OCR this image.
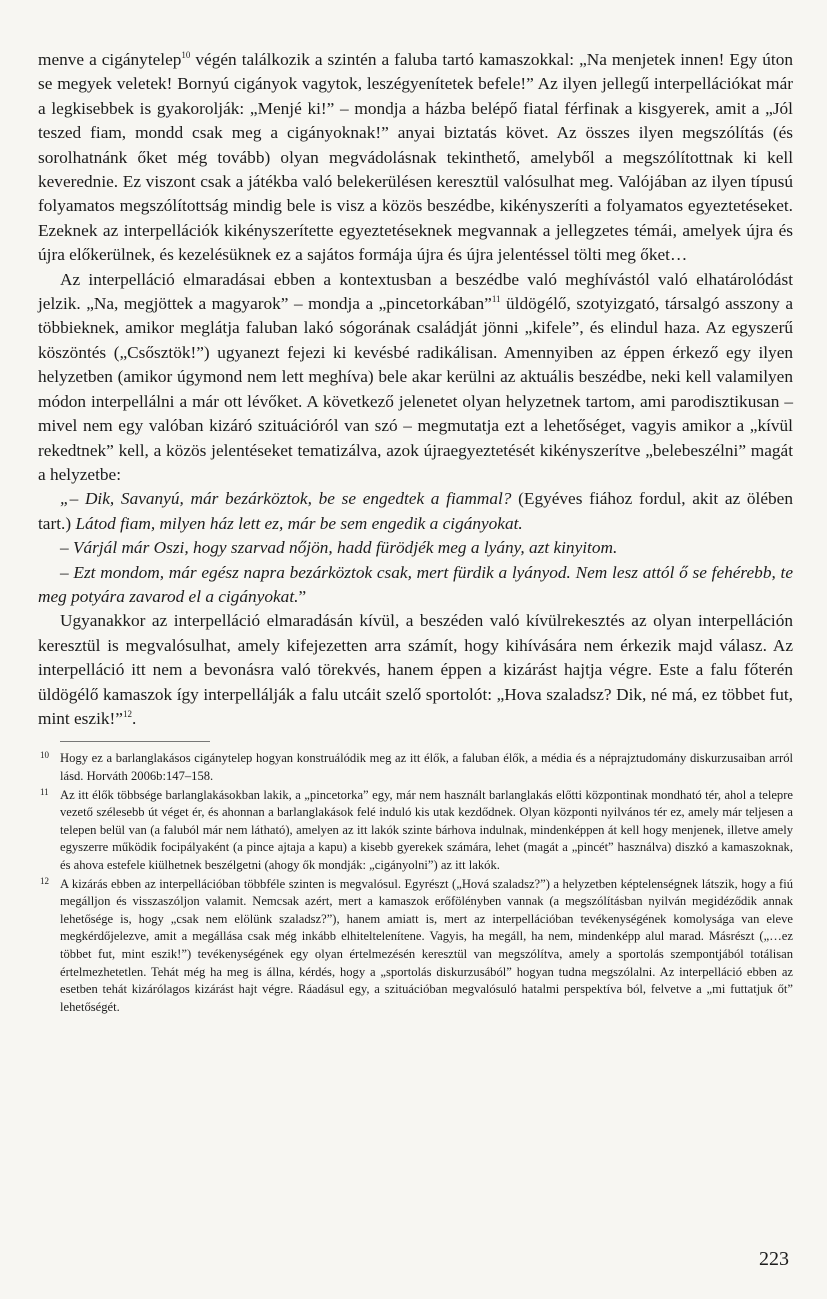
menve a cigánytelep$^{10}$ végén találkozik a szintén a faluba tartó kamaszokkal: „Na menjetek innen! Egy úton se megyek veletek! Bornyú cigányok vagytok, leszégyenítetek befele!” Az ilyen jellegű interpellációkat már a legkisebbek is gyakorolják: „Menjé ki!” – mondja a házba belépő fiatal férfinak a kisgyerek, amit a „Jól teszed fiam, mondd csak meg a cigányoknak!” anyai biztatás követ. Az összes ilyen megszólítás (és sorolhatnánk őket még tovább) olyan megvádolásnak tekinthető, amelyből a megszólítottnak ki kell keverednie. Ez viszont csak a játékba való belekerülésen keresztül valósulhat meg. Valójában az ilyen típusú folyamatos megszólítottság mindig bele is visz a közös beszédbe, kikényszeríti a folyamatos egyeztetéseket. Ezeknek az interpellációk kikényszerítette egyeztetéseknek megvannak a jellegzetes témái, amelyek újra és újra előkerülnek, és kezelésüknek ez a sajátos formája újra és újra jelentéssel tölti meg őket…

Az interpelláció elmaradásai ebben a kontextusban a beszédbe való meghívástól való elhatárolódást jelzik. „Na, megjöttek a magyarok” – mondja a „pincetorkában”$^{11}$ üldögélő, szotyizgató, társalgó asszony a többieknek, amikor meglátja faluban lakó sógorának családját jönni „kifele”, és elindul haza. Az egyszerű köszöntés („Csősztök!”) ugyanezt fejezi ki kevésbé radikálisan. Amennyiben az éppen érkező egy ilyen helyzetben (amikor úgymond nem lett meghíva) bele akar kerülni az aktuális beszédbe, neki kell valamilyen módon interpellálni a már ott lévőket. A következő jelenetet olyan helyzetnek tartom, ami parodisztikusan – mivel nem egy valóban kizáró szituációról van szó – megmutatja ezt a lehetőséget, vagyis amikor a „kívül rekedtnek” kell, a közös jelentéseket tematizálva, azok újraegyeztetését kikényszerítve „belebeszélni” magát a helyzetbe:

„– Dik, Savanyú, már bezárköztok, be se engedtek a fiammal? (Egyéves fiához fordul, akit az ölében tart.) Látod fiam, milyen ház lett ez, már be sem engedik a cigányokat.

– Várjál már Oszi, hogy szarvad nőjön, hadd fürödjék meg a lyány, azt kinyitom.

– Ezt mondom, már egész napra bezárköztok csak, mert fürdik a lyányod. Nem lesz attól ő se fehérebb, te meg potyára zavarod el a cigányokat.”

Ugyanakkor az interpelláció elmaradásán kívül, a beszéden való kívülrekesztés az olyan interpelláción keresztül is megvalósulhat, amely kifejezetten arra számít, hogy kihívására nem érkezik majd válasz. Az interpelláció itt nem a bevonásra való törekvés, hanem éppen a kizárást hajtja végre. Este a falu főterén üldögélő kamaszok így interpellálják a falu utcáit szelő sportolót: „Hova szaladsz? Dik, né má, ez többet fut, mint eszik!”$^{12}$.

10 Hogy ez a barlanglakásos cigánytelep hogyan konstruálódik meg az itt élők, a faluban élők, a média és a néprajztudomány diskurzusaiban arról lásd. Horváth 2006b:147–158.
11 Az itt élők többsége barlanglakásokban lakik, a „pincetorka” egy, már nem használt barlanglakás előtti központinak mondható tér, ahol a telepre vezető szélesebb út véget ér, és ahonnan a barlanglakások felé induló kis utak kezdődnek. Olyan központi nyilvános tér ez, amely már teljesen a telepen belül van (a faluból már nem látható), amelyen az itt lakók szinte bárhova indulnak, mindenképpen át kell hogy menjenek, illetve amely egyszerre működik focipályaként (a pince ajtaja a kapu) a kisebb gyerekek számára, lehet (magát a „pincét” használva) diszkó a kamaszoknak, és ahova estefele kiülhetnek beszélgetni (ahogy ők mondják: „cigányolni”) az itt lakók.
12 A kizárás ebben az interpellációban többféle szinten is megvalósul. Egyrészt („Hová szaladsz?”) a helyzetben képtelenségnek látszik, hogy a fiú megálljon és visszaszóljon valamit. Nemcsak azért, mert a kamaszok erőfölényben vannak (a megszólításban nyilván megidéződik annak lehetősége is, hogy „csak nem elölünk szaladsz?”), hanem amiatt is, mert az interpellációban tevékenységének komolysága van eleve megkérdőjelezve, amit a megállása csak még inkább elhiteltelenítene. Vagyis, ha megáll, ha nem, mindenképp alul marad. Másrészt („…ez többet fut, mint eszik!”) tevékenységének egy olyan értelmezésén keresztül van megszólítva, amely a sportolás szempontjából totálisan értelmezhetetlen. Tehát még ha meg is állna, kérdés, hogy a „sportolás diskurzusából” hogyan tudna megszólalni. Az interpelláció ebben az esetben tehát kizárólagos kizárást hajt végre. Ráadásul egy, a szituációban megvalósuló hatalmi perspektíva ból, felvetve a „mi futtatjuk őt” lehetőségét.
223
